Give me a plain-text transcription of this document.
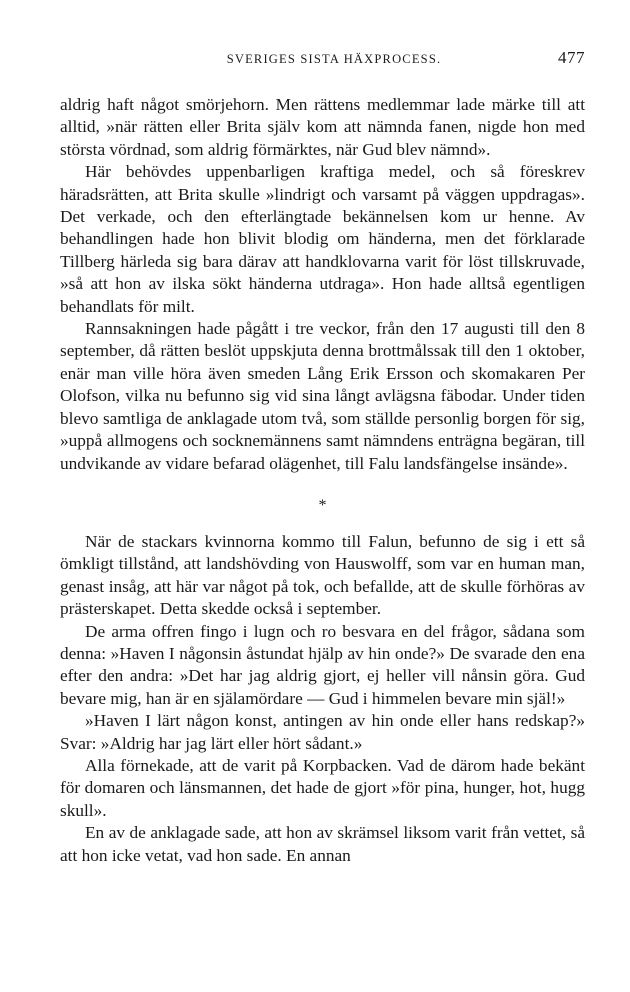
SVERIGES SISTA HÄXPROCESS.	477

aldrig haft något smörjehorn. Men rättens medlemmar lade märke till att alltid, »när rätten eller Brita själv kom att nämnda fanen, nigde hon med största vördnad, som aldrig förmärktes, när Gud blev nämnd».

Här behövdes uppenbarligen kraftiga medel, och så föreskrev häradsrätten, att Brita skulle »lindrigt och varsamt på väggen uppdragas». Det verkade, och den efterlängtade bekännelsen kom ur henne. Av behandlingen hade hon blivit blodig om händerna, men det förklarade Tillberg härleda sig bara därav att handklovarna varit för löst tillskruvade, »så att hon av ilska sökt händerna utdraga». Hon hade alltså egentligen behandlats för milt.

Rannsakningen hade pågått i tre veckor, från den 17 augusti till den 8 september, då rätten beslöt uppskjuta denna brottmålssak till den 1 oktober, enär man ville höra även smeden Lång Erik Ersson och skomakaren Per Olofson, vilka nu befunno sig vid sina långt avlägsna fäbodar. Under tiden blevo samtliga de anklagade utom två, som ställde personlig borgen för sig, »uppå allmogens och socknemännens samt nämndens enträgna begäran, till undvikande av vidare befarad olägenhet, till Falu landsfängelse insände».

*

När de stackars kvinnorna kommo till Falun, befunno de sig i ett så ömkligt tillstånd, att landshövding von Hauswolff, som var en human man, genast insåg, att här var något på tok, och befallde, att de skulle förhöras av prästerskapet. Detta skedde också i september.

De arma offren fingo i lugn och ro besvara en del frågor, sådana som denna: »Haven I någonsin åstundat hjälp av hin onde?» De svarade den ena efter den andra: »Det har jag aldrig gjort, ej heller vill nånsin göra. Gud bevare mig, han är en själamördare — Gud i himmelen bevare min själ!»

»Haven I lärt någon konst, antingen av hin onde eller hans redskap?» Svar: »Aldrig har jag lärt eller hört sådant.»

Alla förnekade, att de varit på Korpbacken. Vad de därom hade bekänt för domaren och länsmannen, det hade de gjort »för pina, hunger, hot, hugg skull».

En av de anklagade sade, att hon av skrämsel liksom varit från vettet, så att hon icke vetat, vad hon sade. En annan
